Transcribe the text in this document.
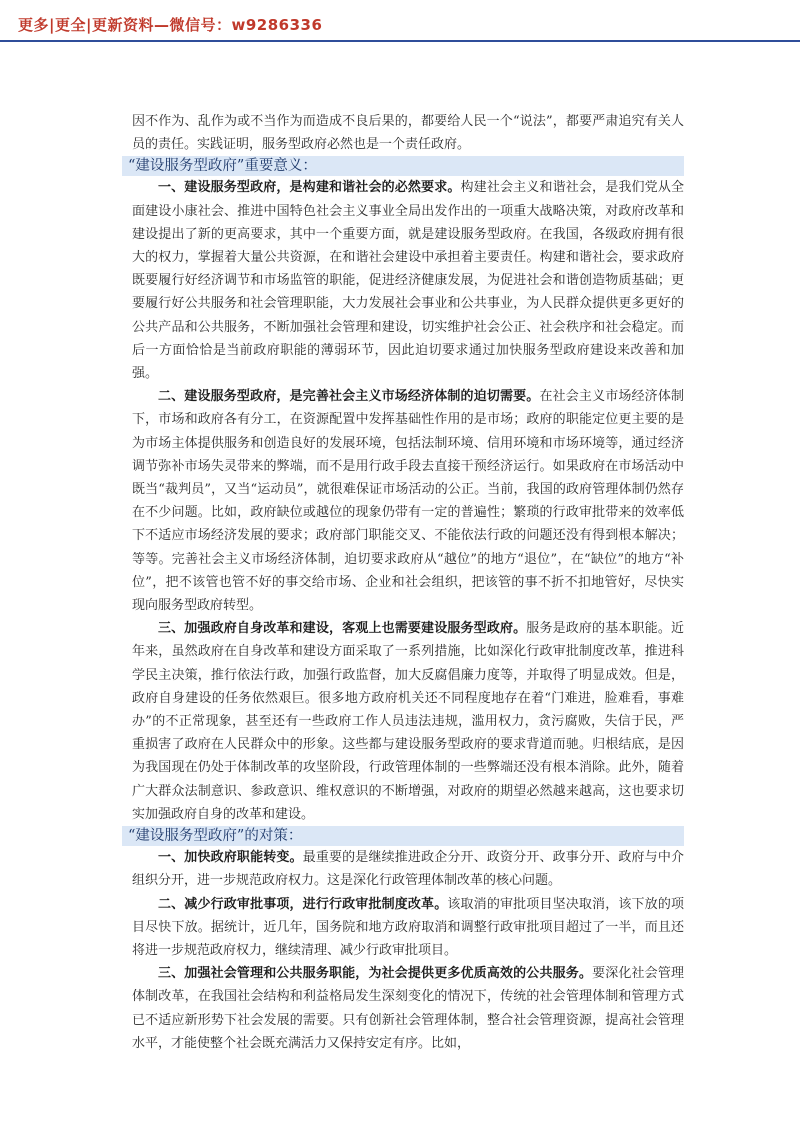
更多|更全|更新资料—微信号：w9286336

因不作为、乱作为或不当作为而造成不良后果的，都要给人民一个“说法”，都要严肃追究有关人员的责任。实践证明，服务型政府必然也是一个责任政府。

“建设服务型政府”重要意义：

一、建设服务型政府，是构建和谐社会的必然要求。构建社会主义和谐社会，是我们党从全面建设小康社会、推进中国特色社会主义事业全局出发作出的一项重大战略决策，对政府改革和建设提出了新的更高要求，其中一个重要方面，就是建设服务型政府。在我国，各级政府拥有很大的权力，掌握着大量公共资源，在和谐社会建设中承担着主要责任。构建和谐社会，要求政府既要履行好经济调节和市场监管的职能，促进经济健康发展，为促进社会和谐创造物质基础；更要履行好公共服务和社会管理职能，大力发展社会事业和公共事业，为人民群众提供更多更好的公共产品和公共服务，不断加强社会管理和建设，切实维护社会公正、社会秩序和社会稳定。而后一方面恰恰是当前政府职能的薄弱环节，因此迫切要求通过加快服务型政府建设来改善和加强。

二、建设服务型政府，是完善社会主义市场经济体制的迫切需要。在社会主义市场经济体制下，市场和政府各有分工，在资源配置中发挥基础性作用的是市场；政府的职能定位更主要的是为市场主体提供服务和创造良好的发展环境，包括法制环境、信用环境和市场环境等，通过经济调节弥补市场失灵带来的弊端，而不是用行政手段去直接干预经济运行。如果政府在市场活动中既当“裁判员”，又当“运动员”，就很难保证市场活动的公正。当前，我国的政府管理体制仍然存在不少问题。比如，政府缺位或越位的现象仍带有一定的普遍性；繁琐的行政审批带来的效率低下不适应市场经济发展的要求；政府部门职能交叉、不能依法行政的问题还没有得到根本解决；等等。完善社会主义市场经济体制，迫切要求政府从“越位”的地方“退位”，在“缺位”的地方“补位”，把不该管也管不好的事交给市场、企业和社会组织，把该管的事不折不扣地管好，尽快实现向服务型政府转型。

三、加强政府自身改革和建设，客观上也需要建设服务型政府。服务是政府的基本职能。近年来，虽然政府在自身改革和建设方面采取了一系列措施，比如深化行政审批制度改革，推进科学民主决策，推行依法行政，加强行政监督，加大反腐倡廉力度等，并取得了明显成效。但是，政府自身建设的任务依然艰巨。很多地方政府机关还不同程度地存在着“门难进，脸难看，事难办”的不正常现象，甚至还有一些政府工作人员违法违规，滥用权力，贪污腐败，失信于民，严重损害了政府在人民群众中的形象。这些都与建设服务型政府的要求背道而驰。归根结底，是因为我国现在仍处于体制改革的攻坚阶段，行政管理体制的一些弊端还没有根本消除。此外，随着广大群众法制意识、参政意识、维权意识的不断增强，对政府的期望必然越来越高，这也要求切实加强政府自身的改革和建设。

“建设服务型政府”的对策：

一、加快政府职能转变。最重要的是继续推进政企分开、政资分开、政事分开、政府与中介组织分开，进一步规范政府权力。这是深化行政管理体制改革的核心问题。

二、减少行政审批事项，进行行政审批制度改革。该取消的审批项目坚决取消，该下放的项目尽快下放。据统计，近几年，国务院和地方政府取消和调整行政审批项目超过了一半，而且还将进一步规范政府权力，继续清理、减少行政审批项目。

三、加强社会管理和公共服务职能，为社会提供更多优质高效的公共服务。要深化社会管理体制改革，在我国社会结构和利益格局发生深刻变化的情况下，传统的社会管理体制和管理方式已不适应新形势下社会发展的需要。只有创新社会管理体制，整合社会管理资源，提高社会管理水平，才能使整个社会既充满活力又保持安定有序。比如，
